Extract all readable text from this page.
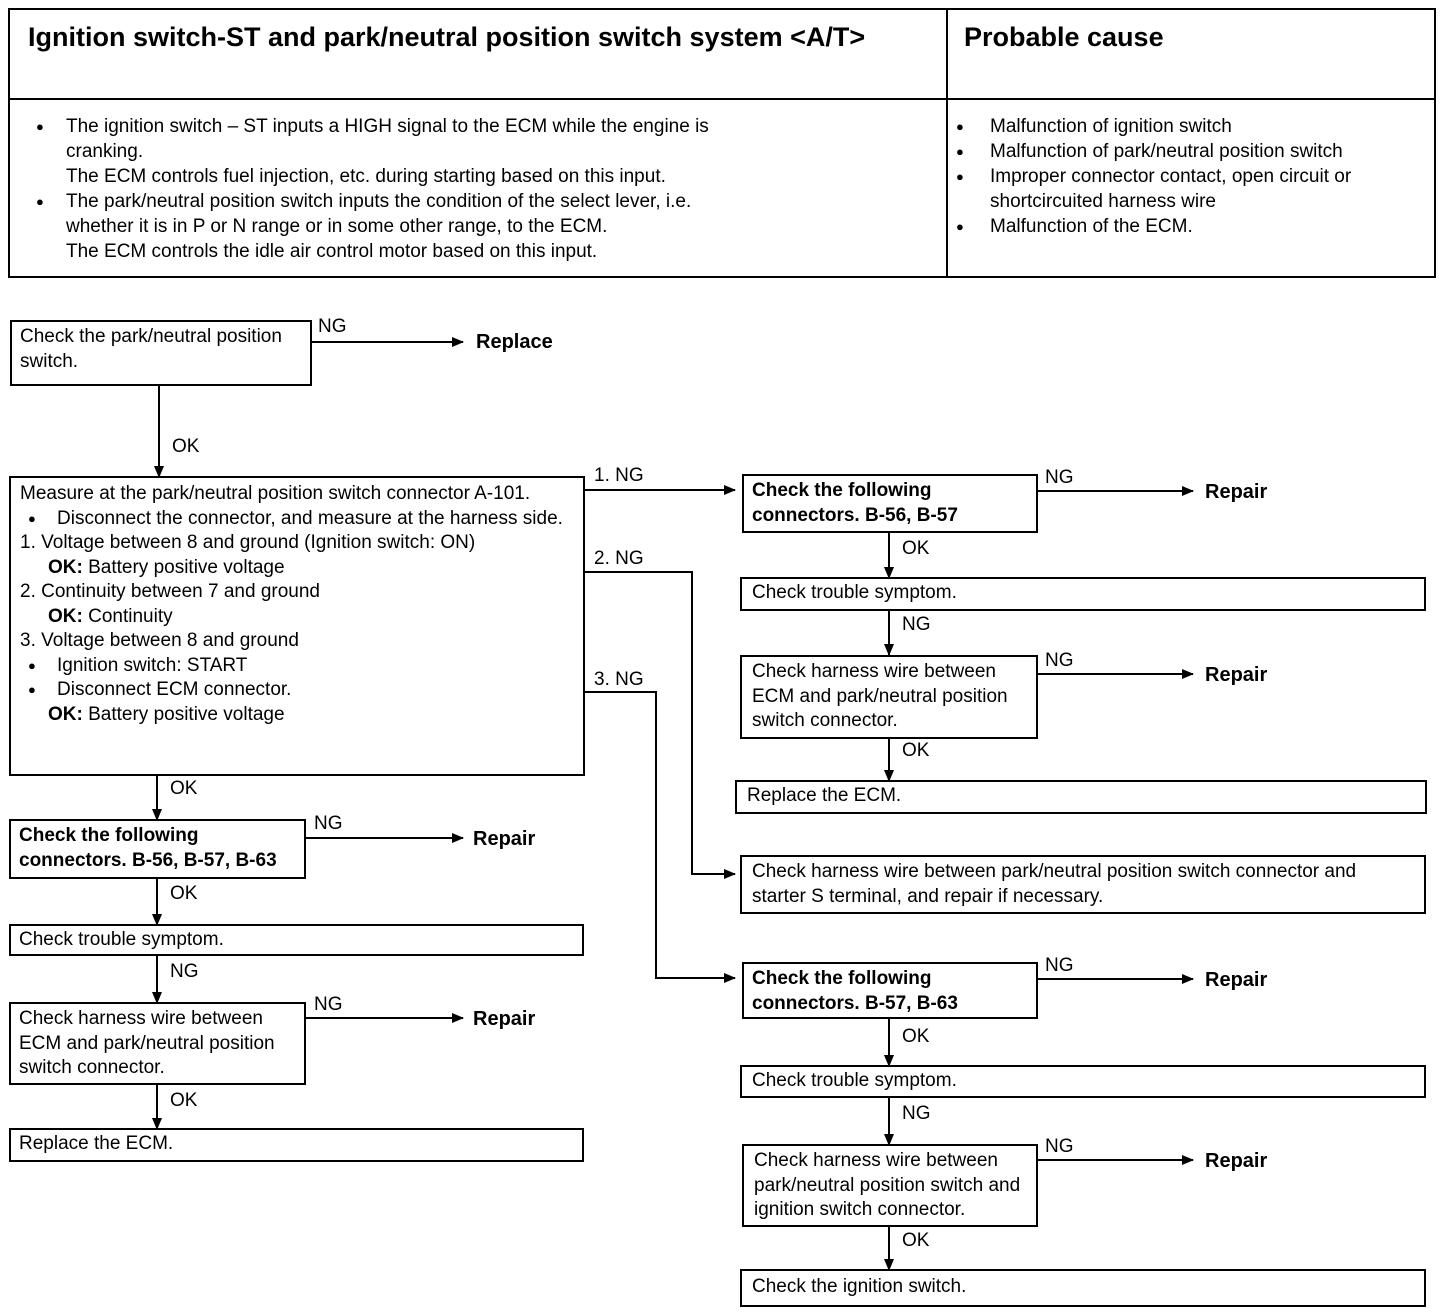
Ignition switch-ST and park/neutral position switch system <A/T>	Probable cause
● The ignition switch – ST inputs a HIGH signal to the ECM while the engine is cranking.
The ECM controls fuel injection, etc. during starting based on this input.
● The park/neutral position switch inputs the condition of the select lever, i.e. whether it is in P or N range or in some other range, to the ECM.
The ECM controls the idle air control motor based on this input.
● Malfunction of ignition switch
● Malfunction of park/neutral position switch
● Improper connector contact, open circuit or shortcircuited harness wire
● Malfunction of the ECM.
Check the park/neutral position switch.
NG
Replace
OK
Measure at the park/neutral position switch connector A-101.
● Disconnect the connector, and measure at the harness side.
1. Voltage between 8 and ground (Ignition switch: ON)
OK: Battery positive voltage
2. Continuity between 7 and ground
OK: Continuity
3. Voltage between 8 and ground
● Ignition switch: START
● Disconnect ECM connector.
OK: Battery positive voltage
1. NG
2. NG
3. NG
OK
Check the following connectors. B-56, B-57, B-63
NG
Repair
OK
Check trouble symptom.
NG
Check harness wire between ECM and park/neutral position switch connector.
NG
Repair
OK
Replace the ECM.
Check the following connectors. B-56, B-57
NG
Repair
OK
Check trouble symptom.
NG
Check harness wire between ECM and park/neutral position switch connector.
NG
Repair
OK
Replace the ECM.
Check harness wire between park/neutral position switch connector and starter S terminal, and repair if necessary.
Check the following connectors. B-57, B-63
NG
Repair
OK
Check trouble symptom.
NG
Check harness wire between park/neutral position switch and ignition switch connector.
NG
Repair
OK
Check the ignition switch.
